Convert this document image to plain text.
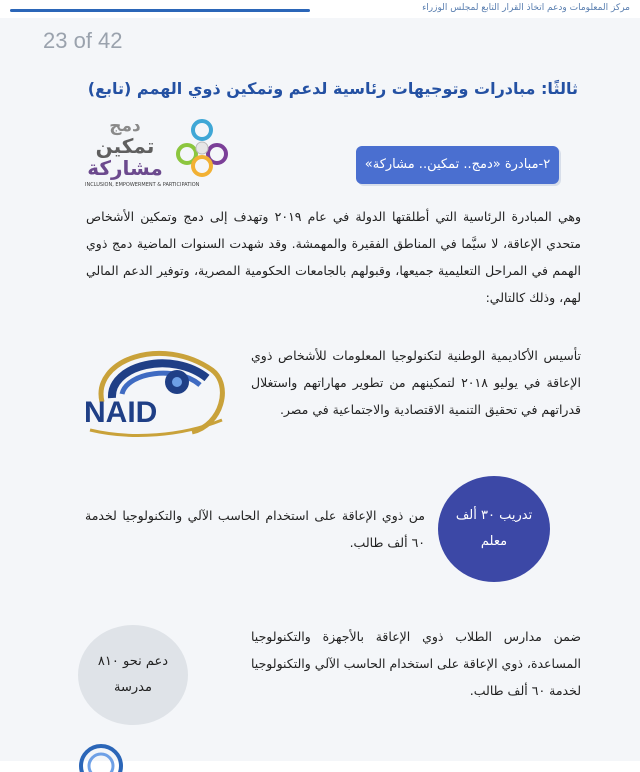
مركز المعلومات ودعم اتخاذ القرار التابع لمجلس الوزراء
23 of 42
ثالثًا: مبادرات وتوجيهات رئاسية لدعم وتمكين ذوي الهمم (تابع)
دمج
تمكين
مشاركة
INCLUSION, EMPOWERMENT & PARTICIPATION
٢-مبادرة «دمج.. تمكين.. مشاركة»
وهي المبادرة الرئاسية التي أطلقتها الدولة في عام ٢٠١٩ وتهدف إلى دمج وتمكين الأشخاص متحدي الإعاقة، لا سيَّما في المناطق الفقيرة والمهمشة. وقد شهدت السنوات الماضية دمج ذوي الهمم في المراحل التعليمية جميعها، وقبولهم بالجامعات الحكومية المصرية، وتوفير الدعم المالي لهم، وذلك كالتالي:
NAID
تأسيس الأكاديمية الوطنية لتكنولوجيا المعلومات للأشخاص ذوي الإعاقة في يوليو ٢٠١٨ لتمكينهم من تطوير مهاراتهم واستغلال قدراتهم في تحقيق التنمية الاقتصادية والاجتماعية في مصر.
تدريب ٣٠ ألف
معلم
من ذوي الإعاقة على استخدام الحاسب الآلي والتكنولوجيا لخدمة ٦٠ ألف طالب.
دعم نحو ٨١٠
مدرسة
ضمن مدارس الطلاب ذوي الإعاقة بالأجهزة والتكنولوجيا المساعدة، ذوي الإعاقة على استخدام الحاسب الآلي والتكنولوجيا لخدمة ٦٠ ألف طالب.
